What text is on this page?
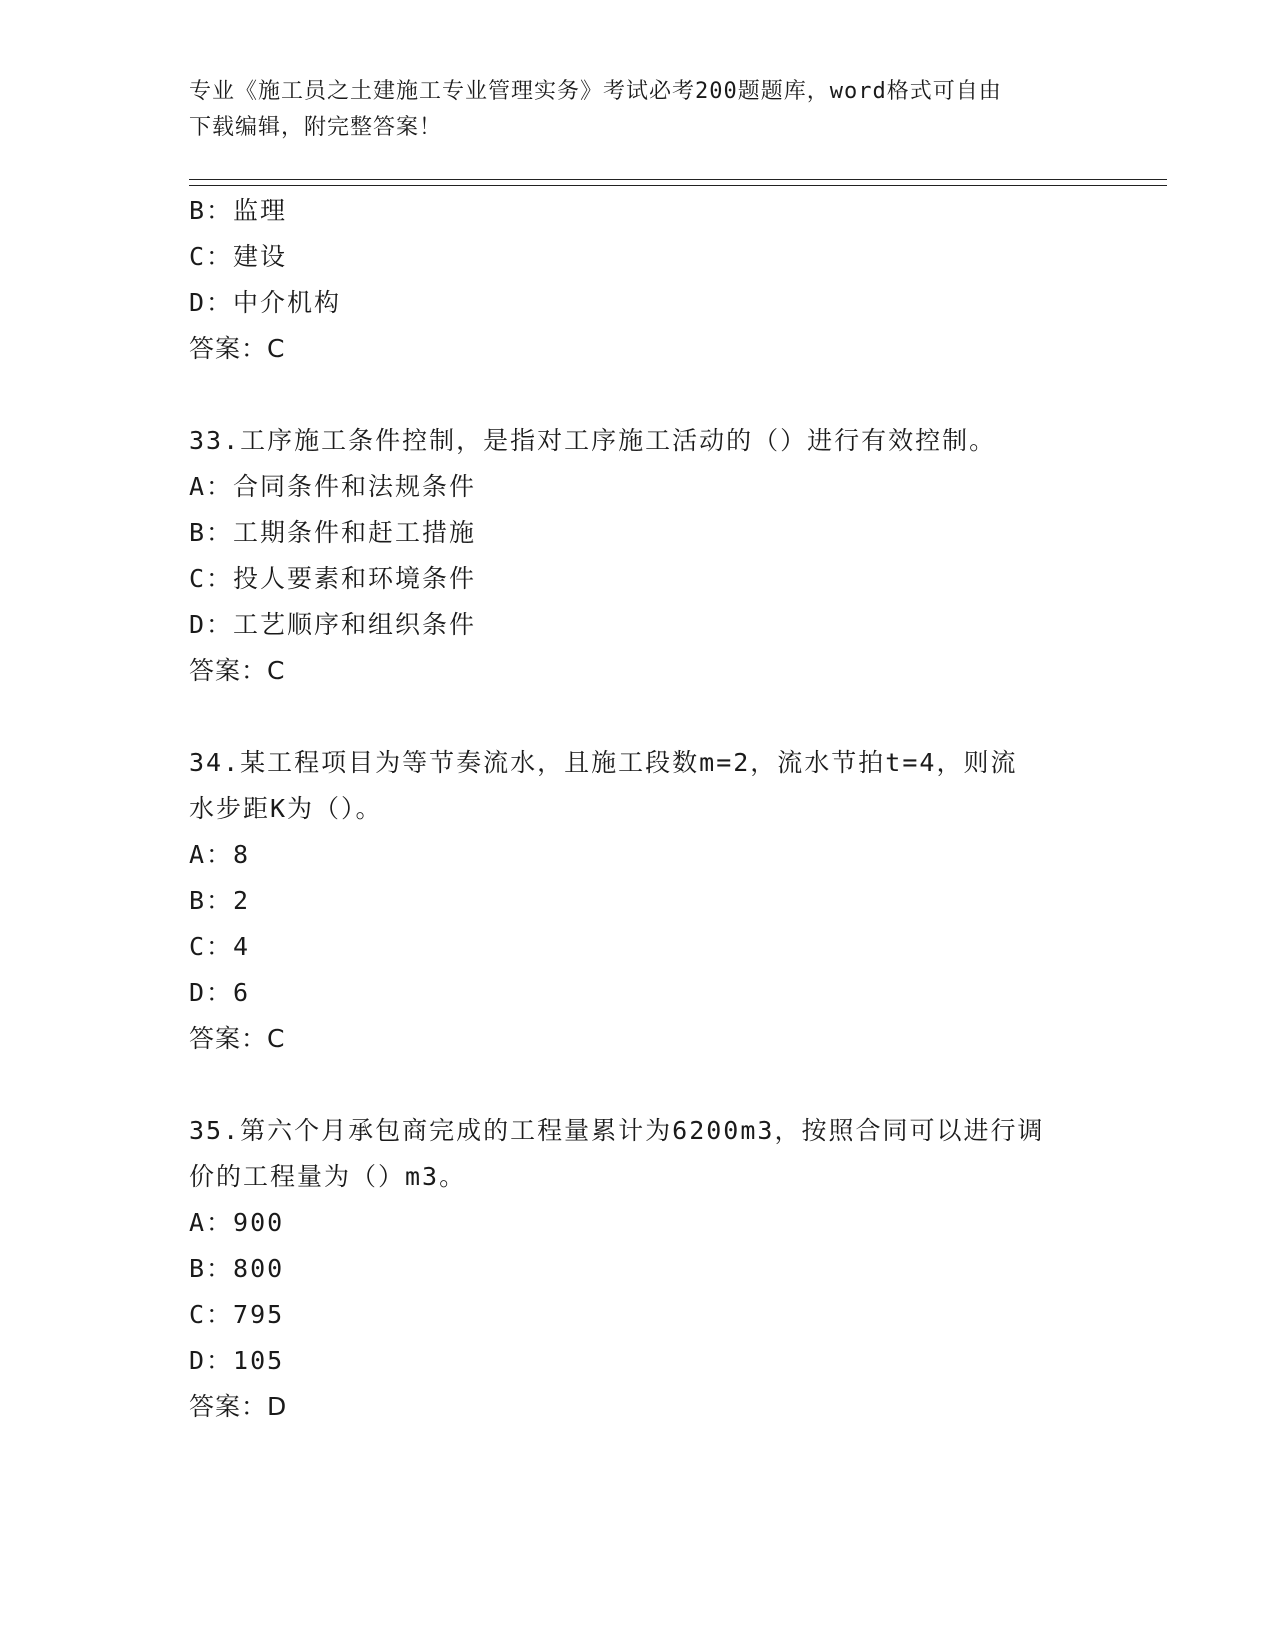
专业《施工员之土建施工专业管理实务》考试必考200题题库，word格式可自由
下载编辑，附完整答案！
B：监理
C：建设
D：中介机构
答案：C
33.工序施工条件控制，是指对工序施工活动的（）进行有效控制。
A：合同条件和法规条件
B：工期条件和赶工措施
C：投人要素和环境条件
D：工艺顺序和组织条件
答案：C
34.某工程项目为等节奏流水，且施工段数m=2，流水节拍t=4，则流
水步距K为（）。
A：8
B：2
C：4
D：6
答案：C
35.第六个月承包商完成的工程量累计为6200m3，按照合同可以进行调
价的工程量为（）m3。
A：900
B：800
C：795
D：105
答案：D
